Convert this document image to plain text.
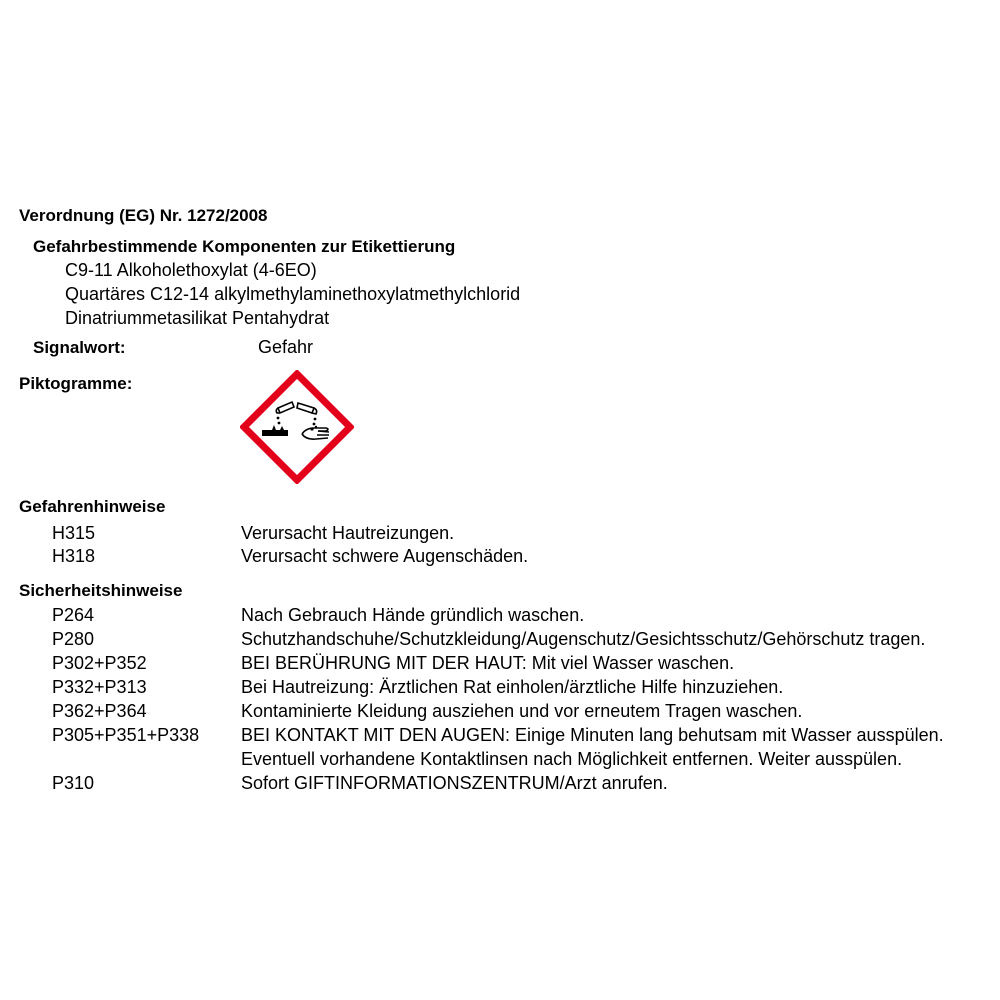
Verordnung (EG) Nr. 1272/2008
Gefahrbestimmende Komponenten zur Etikettierung
C9-11 Alkoholethoxylat (4-6EO)
Quartäres C12-14 alkylmethylaminethoxylatmethylchlorid
Dinatriummetasilikat Pentahydrat
Signalwort:	Gefahr
Piktogramme:
Gefahrenhinweise
H315	Verursacht Hautreizungen.
H318	Verursacht schwere Augenschäden.
Sicherheitshinweise
P264	Nach Gebrauch Hände gründlich waschen.
P280	Schutzhandschuhe/Schutzkleidung/Augenschutz/Gesichtsschutz/Gehörschutz tragen.
P302+P352	BEI BERÜHRUNG MIT DER HAUT: Mit viel Wasser waschen.
P332+P313	Bei Hautreizung: Ärztlichen Rat einholen/ärztliche Hilfe hinzuziehen.
P362+P364	Kontaminierte Kleidung ausziehen und vor erneutem Tragen waschen.
P305+P351+P338 BEI KONTAKT MIT DEN AUGEN: Einige Minuten lang behutsam mit Wasser ausspülen.
Eventuell vorhandene Kontaktlinsen nach Möglichkeit entfernen. Weiter ausspülen.
P310	Sofort GIFTINFORMATIONSZENTRUM/Arzt anrufen.
